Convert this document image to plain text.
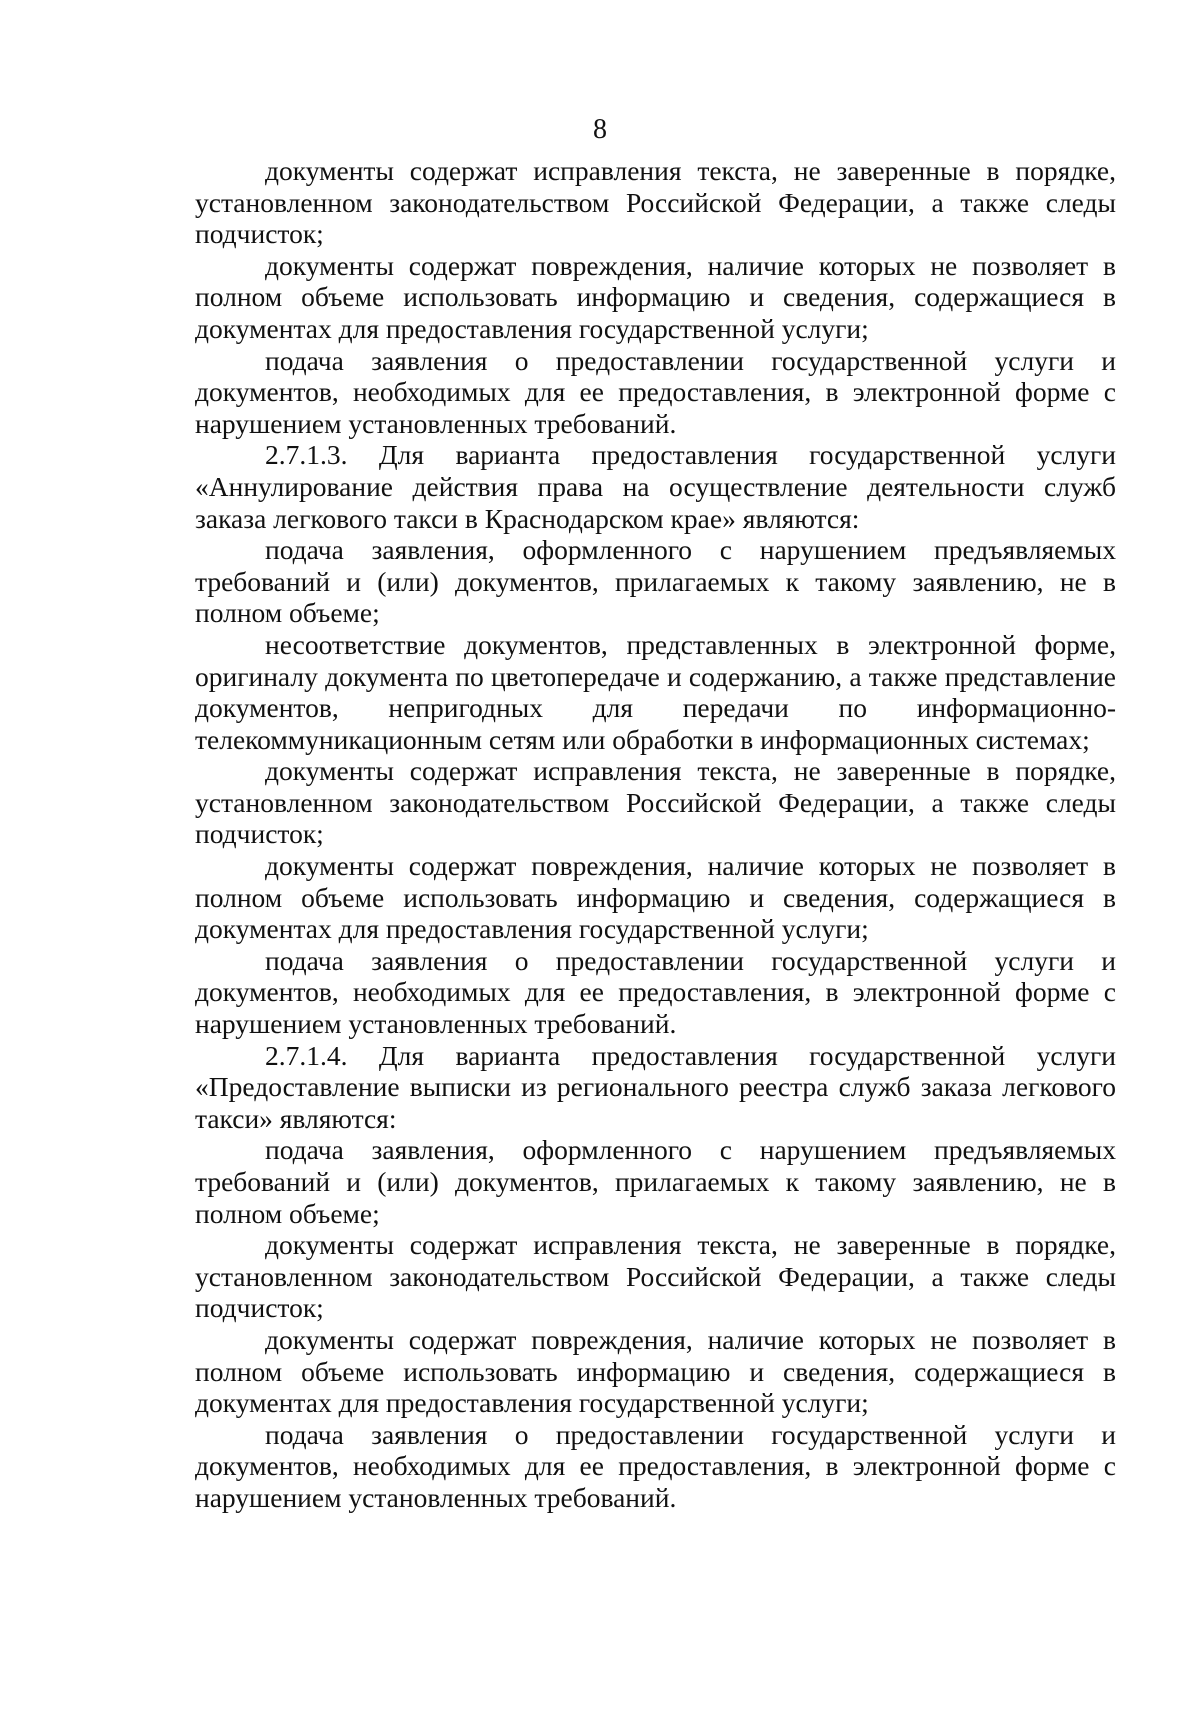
8

документы содержат исправления текста, не заверенные в порядке, установленном законодательством Российской Федерации, а также следы подчисток;

документы содержат повреждения, наличие которых не позволяет в полном объеме использовать информацию и сведения, содержащиеся в документах для предоставления государственной услуги;

подача заявления о предоставлении государственной услуги и документов, необходимых для ее предоставления, в электронной форме с нарушением установленных требований.

2.7.1.3. Для варианта предоставления государственной услуги «Аннулирование действия права на осуществление деятельности служб заказа легкового такси в Краснодарском крае» являются:

подача заявления, оформленного с нарушением предъявляемых требований и (или) документов, прилагаемых к такому заявлению, не в полном объеме;

несоответствие документов, представленных в электронной форме, оригиналу документа по цветопередаче и содержанию, а также представление документов, непригодных для передачи по информационно-телекоммуникационным сетям или обработки в информационных системах;

документы содержат исправления текста, не заверенные в порядке, установленном законодательством Российской Федерации, а также следы подчисток;

документы содержат повреждения, наличие которых не позволяет в полном объеме использовать информацию и сведения, содержащиеся в документах для предоставления государственной услуги;

подача заявления о предоставлении государственной услуги и документов, необходимых для ее предоставления, в электронной форме с нарушением установленных требований.

2.7.1.4. Для варианта предоставления государственной услуги «Предоставление выписки из регионального реестра служб заказа легкового такси» являются:

подача заявления, оформленного с нарушением предъявляемых требований и (или) документов, прилагаемых к такому заявлению, не в полном объеме;

документы содержат исправления текста, не заверенные в порядке, установленном законодательством Российской Федерации, а также следы подчисток;

документы содержат повреждения, наличие которых не позволяет в полном объеме использовать информацию и сведения, содержащиеся в документах для предоставления государственной услуги;

подача заявления о предоставлении государственной услуги и документов, необходимых для ее предоставления, в электронной форме с нарушением установленных требований.
